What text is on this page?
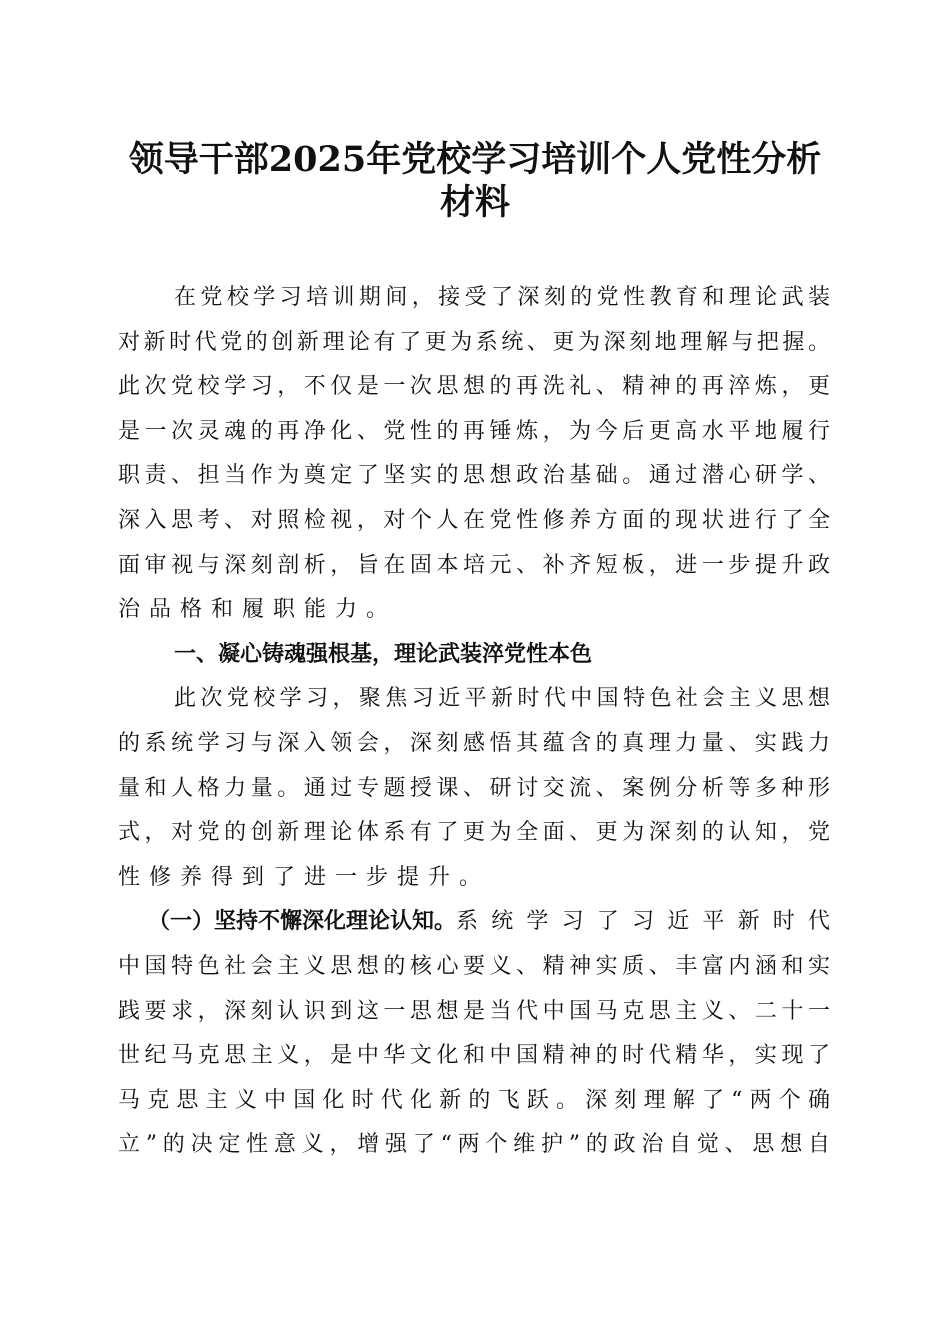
领导干部2025年党校学习培训个人党性分析
材料
在党校学习培训期间，接受了深刻的党性教育和理论武装
对新时代党的创新理论有了更为系统、更为深刻地理解与把握。
此次党校学习，不仅是一次思想的再洗礼、精神的再淬炼，更
是一次灵魂的再净化、党性的再锤炼，为今后更高水平地履行
职责、担当作为奠定了坚实的思想政治基础。通过潜心研学、
深入思考、对照检视，对个人在党性修养方面的现状进行了全
面审视与深刻剖析，旨在固本培元、补齐短板，进一步提升政
治品格和履职能力。
一、凝心铸魂强根基，理论武装淬党性本色
此次党校学习，聚焦习近平新时代中国特色社会主义思想
的系统学习与深入领会，深刻感悟其蕴含的真理力量、实践力
量和人格力量。通过专题授课、研讨交流、案例分析等多种形
式，对党的创新理论体系有了更为全面、更为深刻的认知，党
性修养得到了进一步提升。
（一）坚持不懈深化理论认知。 系统学习了习近平新时代
中国特色社会主义思想的核心要义、精神实质、丰富内涵和实
践要求，深刻认识到这一思想是当代中国马克思主义、二十一
世纪马克思主义，是中华文化和中国精神的时代精华，实现了
马克思主义中国化时代化新的飞跃。深刻理解了“两个确
立”的决定性意义，增强了“两个维护”的政治自觉、思想自
